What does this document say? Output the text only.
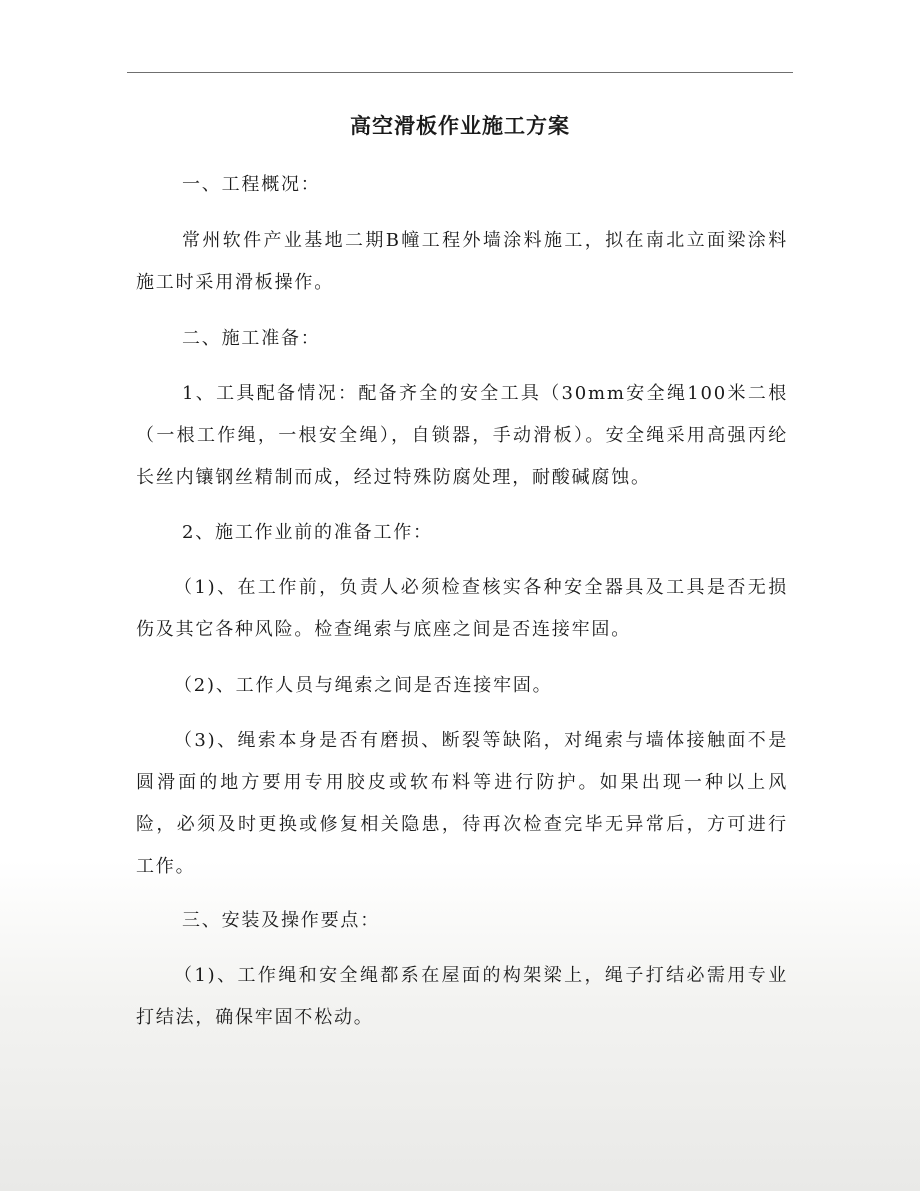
高空滑板作业施工方案

一、工程概况：

常州软件产业基地二期B幢工程外墙涂料施工，拟在南北立面梁涂料施工时采用滑板操作。

二、施工准备：

1、工具配备情况：配备齐全的安全工具（30mm安全绳100米二根（一根工作绳，一根安全绳），自锁器，手动滑板）。安全绳采用高强丙纶长丝内镶钢丝精制而成，经过特殊防腐处理，耐酸碱腐蚀。

2、施工作业前的准备工作：

（1)、在工作前，负责人必须检查核实各种安全器具及工具是否无损伤及其它各种风险。检查绳索与底座之间是否连接牢固。

（2)、工作人员与绳索之间是否连接牢固。

（3)、绳索本身是否有磨损、断裂等缺陷，对绳索与墙体接触面不是圆滑面的地方要用专用胶皮或软布料等进行防护。如果出现一种以上风险，必须及时更换或修复相关隐患，待再次检查完毕无异常后，方可进行工作。

三、安装及操作要点：

（1)、工作绳和安全绳都系在屋面的构架梁上，绳子打结必需用专业打结法，确保牢固不松动。
